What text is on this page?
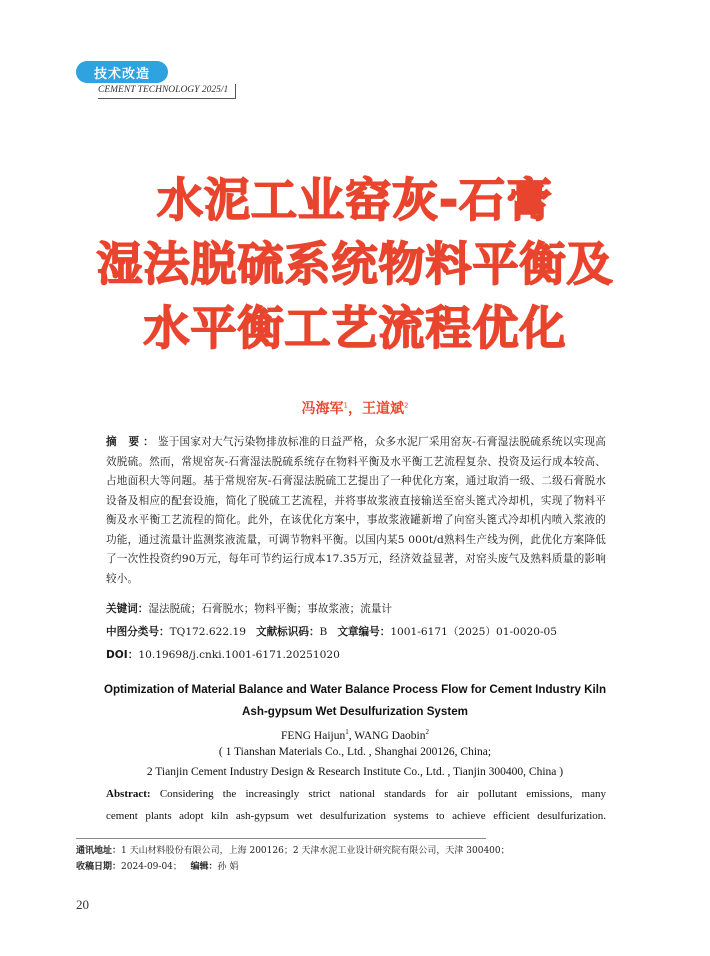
技术改造
CEMENT TECHNOLOGY 2025/1
水泥工业窑灰-石膏
湿法脱硫系统物料平衡及
水平衡工艺流程优化
冯海军$^1$，王道斌$^2$
摘 要：鉴于国家对大气污染物排放标准的日益严格，众多水泥厂采用窑灰-石膏湿法脱硫系统以实现高效脱硫。然而，常规窑灰-石膏湿法脱硫系统存在物料平衡及水平衡工艺流程复杂、投资及运行成本较高、占地面积大等问题。基于常规窑灰-石膏湿法脱硫工艺提出了一种优化方案，通过取消一级、二级石膏脱水设备及相应的配套设施，简化了脱硫工艺流程，并将事故浆液直接输送至窑头篦式冷却机，实现了物料平衡及水平衡工艺流程的简化。此外，在该优化方案中，事故浆液罐新增了向窑头篦式冷却机内喷入浆液的功能，通过流量计监测浆液流量，可调节物料平衡。以国内某5 000t/d熟料生产线为例，此优化方案降低了一次性投资约90万元，每年可节约运行成本17.35万元，经济效益显著，对窑头废气及熟料质量的影响较小。
关键词：湿法脱硫；石膏脱水；物料平衡；事故浆液；流量计
中图分类号：TQ172.622.19 文献标识码：B 文章编号：1001-6171（2025）01-0020-05
DOI：10.19698/j.cnki.1001-6171.20251020
Optimization of Material Balance and Water Balance Process Flow for Cement Industry Kiln
Ash-gypsum Wet Desulfurization System
FENG Haijun$^1$, WANG Daobin$^2$
( 1 Tianshan Materials Co., Ltd. , Shanghai 200126, China;
2 Tianjin Cement Industry Design & Research Institute Co., Ltd. , Tianjin 300400, China )
Abstract: Considering the increasingly strict national standards for air pollutant emissions, many
cement plants adopt kiln ash-gypsum wet desulfurization systems to achieve efficient desulfurization.
通讯地址：1 天山材料股份有限公司，上海 200126；2 天津水泥工业设计研究院有限公司，天津 300400；
收稿日期：2024-09-04； 编辑：孙 娟
20
